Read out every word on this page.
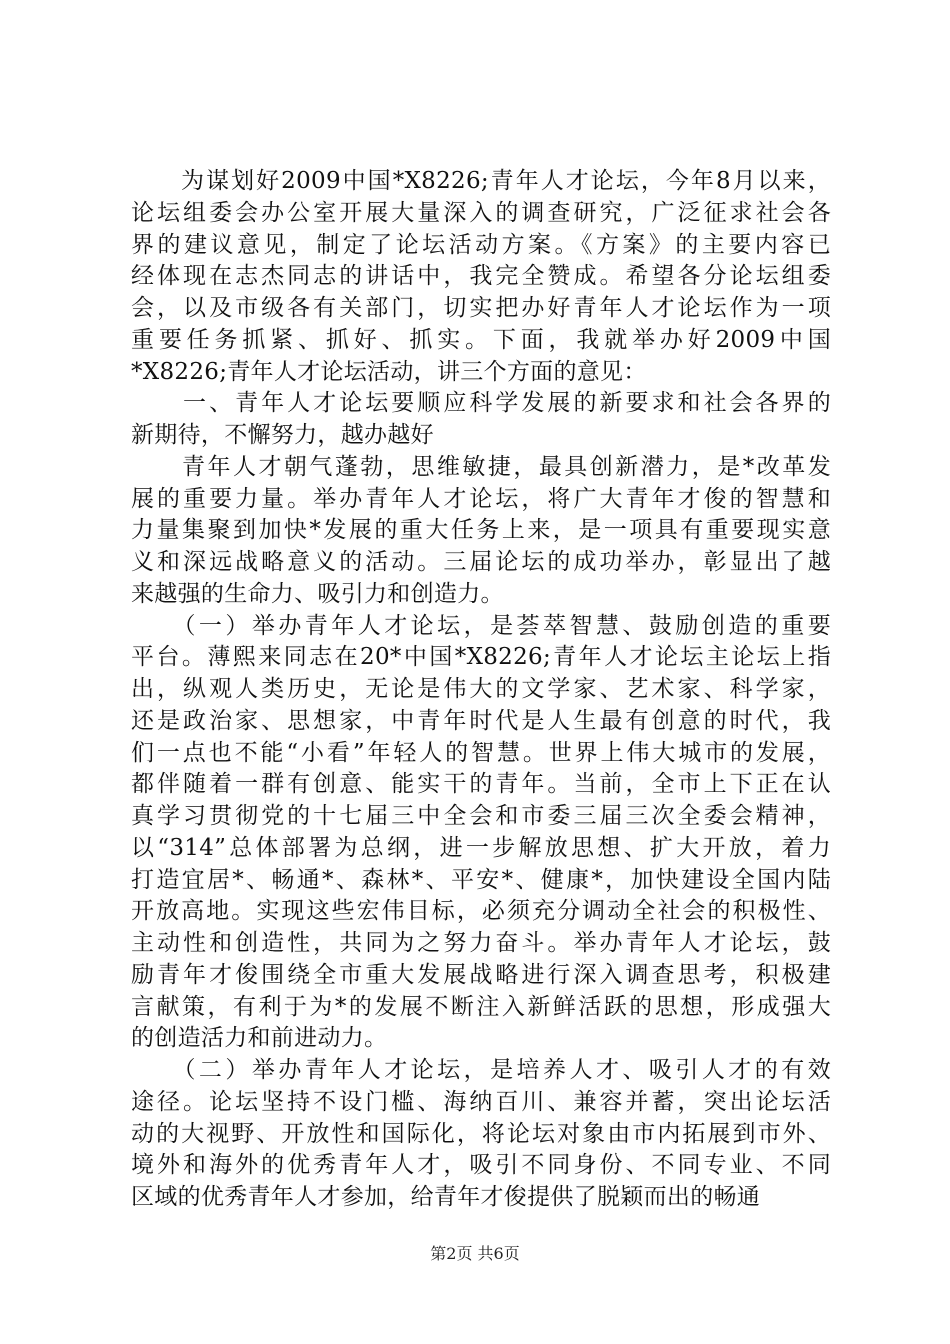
　　为谋划好2009中国*X8226;青年人才论坛，今年8月以来，
论坛组委会办公室开展大量深入的调查研究，广泛征求社会各
界的建议意见，制定了论坛活动方案。《方案》的主要内容已
经体现在志杰同志的讲话中，我完全赞成。希望各分论坛组委
会，以及市级各有关部门，切实把办好青年人才论坛作为一项
重要任务抓紧、抓好、抓实。下面，我就举办好2009中国
*X8226;青年人才论坛活动，讲三个方面的意见：
　　一、青年人才论坛要顺应科学发展的新要求和社会各界的
新期待，不懈努力，越办越好
　　青年人才朝气蓬勃，思维敏捷，最具创新潜力，是*改革发
展的重要力量。举办青年人才论坛，将广大青年才俊的智慧和
力量集聚到加快*发展的重大任务上来，是一项具有重要现实意
义和深远战略意义的活动。三届论坛的成功举办，彰显出了越
来越强的生命力、吸引力和创造力。
　　（一）举办青年人才论坛，是荟萃智慧、鼓励创造的重要
平台。薄熙来同志在20*中国*X8226;青年人才论坛主论坛上指
出，纵观人类历史，无论是伟大的文学家、艺术家、科学家，
还是政治家、思想家，中青年时代是人生最有创意的时代，我
们一点也不能“小看”年轻人的智慧。世界上伟大城市的发展，
都伴随着一群有创意、能实干的青年。当前，全市上下正在认
真学习贯彻党的十七届三中全会和市委三届三次全委会精神，
以“314”总体部署为总纲，进一步解放思想、扩大开放，着力
打造宜居*、畅通*、森林*、平安*、健康*，加快建设全国内陆
开放高地。实现这些宏伟目标，必须充分调动全社会的积极性、
主动性和创造性，共同为之努力奋斗。举办青年人才论坛，鼓
励青年才俊围绕全市重大发展战略进行深入调查思考，积极建
言献策，有利于为*的发展不断注入新鲜活跃的思想，形成强大
的创造活力和前进动力。
　　（二）举办青年人才论坛，是培养人才、吸引人才的有效
途径。论坛坚持不设门槛、海纳百川、兼容并蓄，突出论坛活
动的大视野、开放性和国际化，将论坛对象由市内拓展到市外、
境外和海外的优秀青年人才，吸引不同身份、不同专业、不同
区域的优秀青年人才参加，给青年才俊提供了脱颖而出的畅通
第2页 共6页
